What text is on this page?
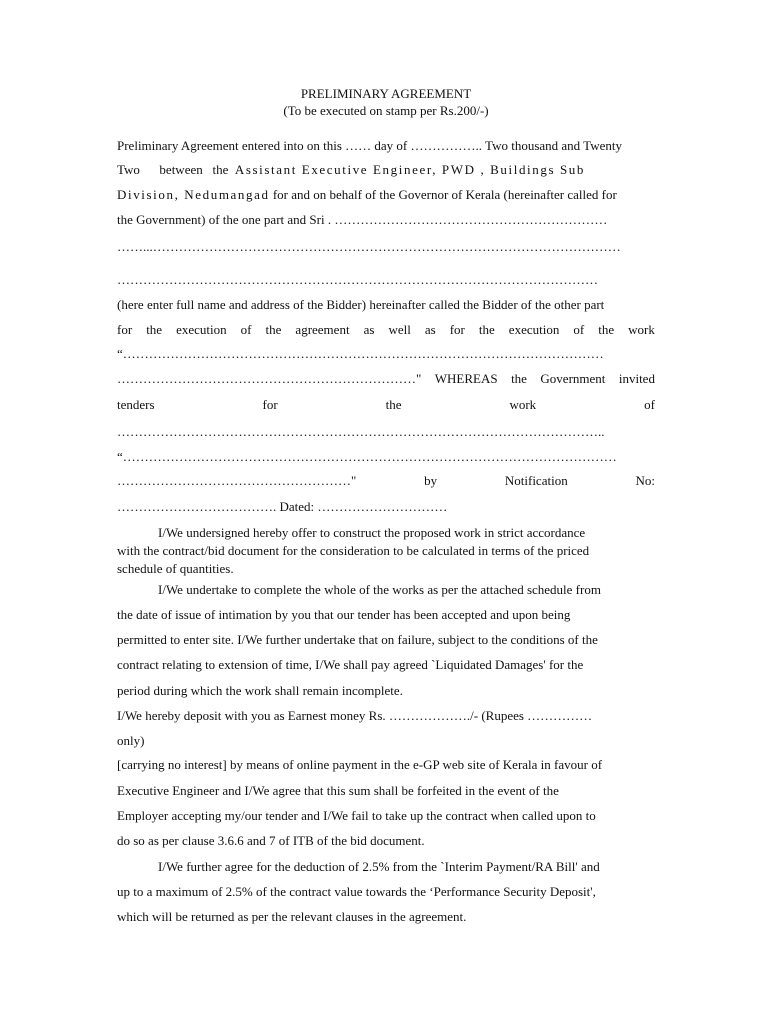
PRELIMINARY AGREEMENT
(To be executed on stamp per Rs.200/-)
Preliminary Agreement entered into on this …… day of …………….. Two thousand and Twenty
Two between the Assistant Executive Engineer, PWD , Buildings Sub
Division, Nedumangad for and on behalf of the Governor of Kerala (hereinafter called for
the Government) of the one part and Sri . ………………………………………………………
……...………………………………………………………………………………………………
…………………………………………………………………………………………………
(here enter full name and address of the Bidder) hereinafter called the Bidder of the other part
for the execution of the agreement as well as for the execution of the work
“…………………………………………………………………………………………………
……………………………………………………………" WHEREAS the Government invited
tenders	for	the	work	of
…………………………………………………………………………………………………..
“……………………………………………………………………………………………………
………………………………………………"	by	Notification	No:
………………………………. Dated: …………………………
I/We undersigned hereby offer to construct the proposed work in strict accordance
with the contract/bid document for the consideration to be calculated in terms of the priced
schedule of quantities.
I/We undertake to complete the whole of the works as per the attached schedule from
the date of issue of intimation by you that our tender has been accepted and upon being
permitted to enter site. I/We further undertake that on failure, subject to the conditions of the
contract relating to extension of time, I/We shall pay agreed `Liquidated Damages' for the
period during which the work shall remain incomplete.
I/We hereby deposit with you as Earnest money Rs. ………………./- (Rupees ……………
only)
[carrying no interest] by means of online payment in the e-GP web site of Kerala in favour of
Executive Engineer and I/We agree that this sum shall be forfeited in the event of the
Employer accepting my/our tender and I/We fail to take up the contract when called upon to
do so as per clause 3.6.6 and 7 of ITB of the bid document.
I/We further agree for the deduction of 2.5% from the `Interim Payment/RA Bill' and
up to a maximum of 2.5% of the contract value towards the ‘Performance Security Deposit',
which will be returned as per the relevant clauses in the agreement.
